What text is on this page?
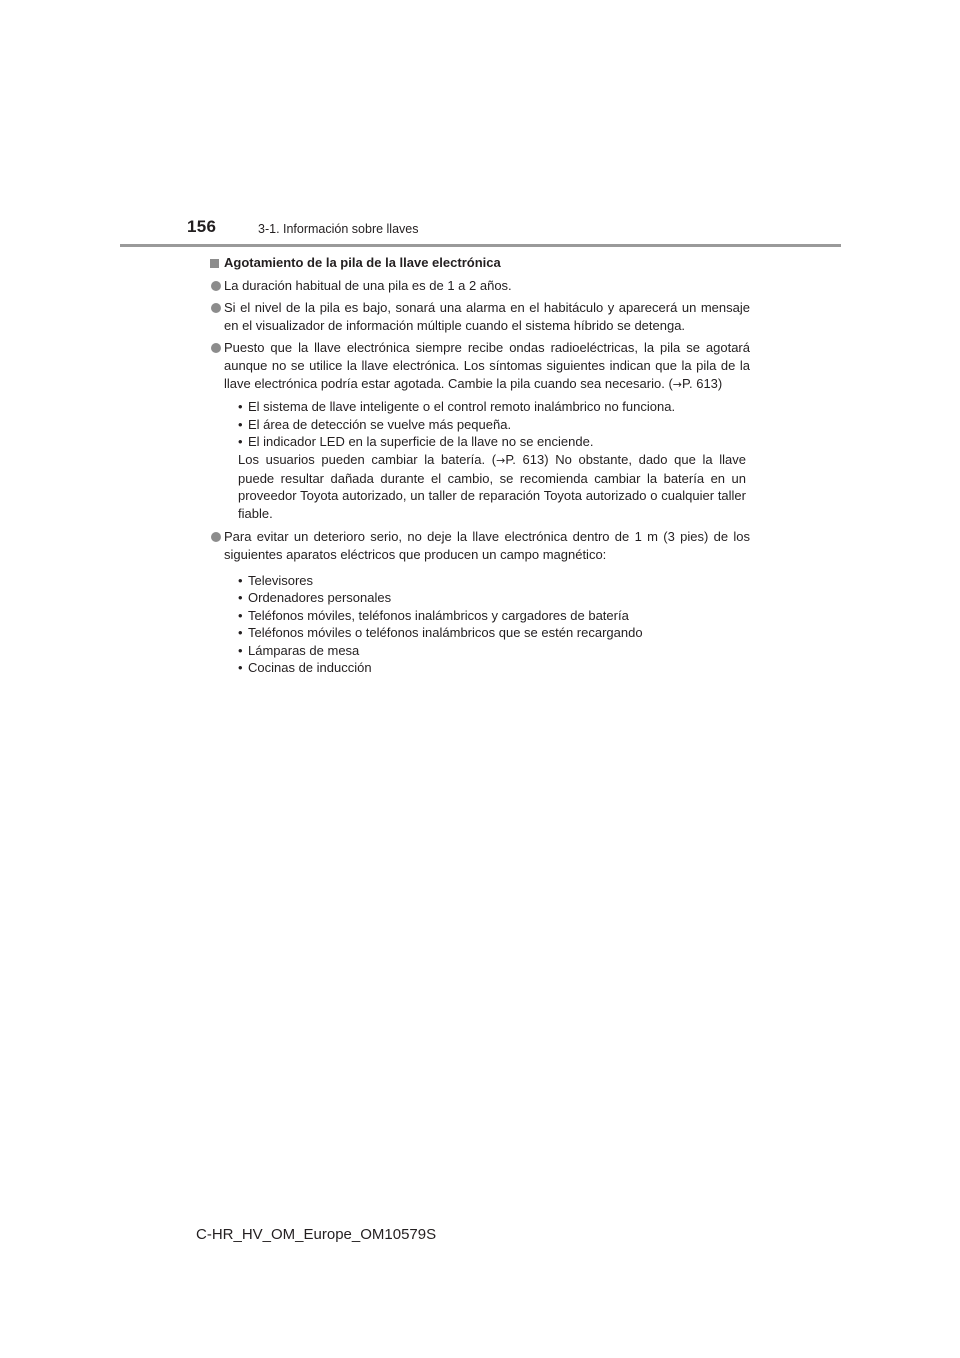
156	3-1. Información sobre llaves
Agotamiento de la pila de la llave electrónica
La duración habitual de una pila es de 1 a 2 años.
Si el nivel de la pila es bajo, sonará una alarma en el habitáculo y aparecerá un mensaje en el visualizador de información múltiple cuando el sistema híbrido se detenga.
Puesto que la llave electrónica siempre recibe ondas radioeléctricas, la pila se agotará aunque no se utilice la llave electrónica. Los síntomas siguientes indican que la pila de la llave electrónica podría estar agotada. Cambie la pila cuando sea necesario. (→P. 613)
• El sistema de llave inteligente o el control remoto inalámbrico no funciona.
• El área de detección se vuelve más pequeña.
• El indicador LED en la superficie de la llave no se enciende.
Los usuarios pueden cambiar la batería. (→P. 613) No obstante, dado que la llave puede resultar dañada durante el cambio, se recomienda cambiar la batería en un proveedor Toyota autorizado, un taller de reparación Toyota autorizado o cualquier taller fiable.
Para evitar un deterioro serio, no deje la llave electrónica dentro de 1 m (3 pies) de los siguientes aparatos eléctricos que producen un campo magnético:
• Televisores
• Ordenadores personales
• Teléfonos móviles, teléfonos inalámbricos y cargadores de batería
• Teléfonos móviles o teléfonos inalámbricos que se estén recargando
• Lámparas de mesa
• Cocinas de inducción
C-HR_HV_OM_Europe_OM10579S
